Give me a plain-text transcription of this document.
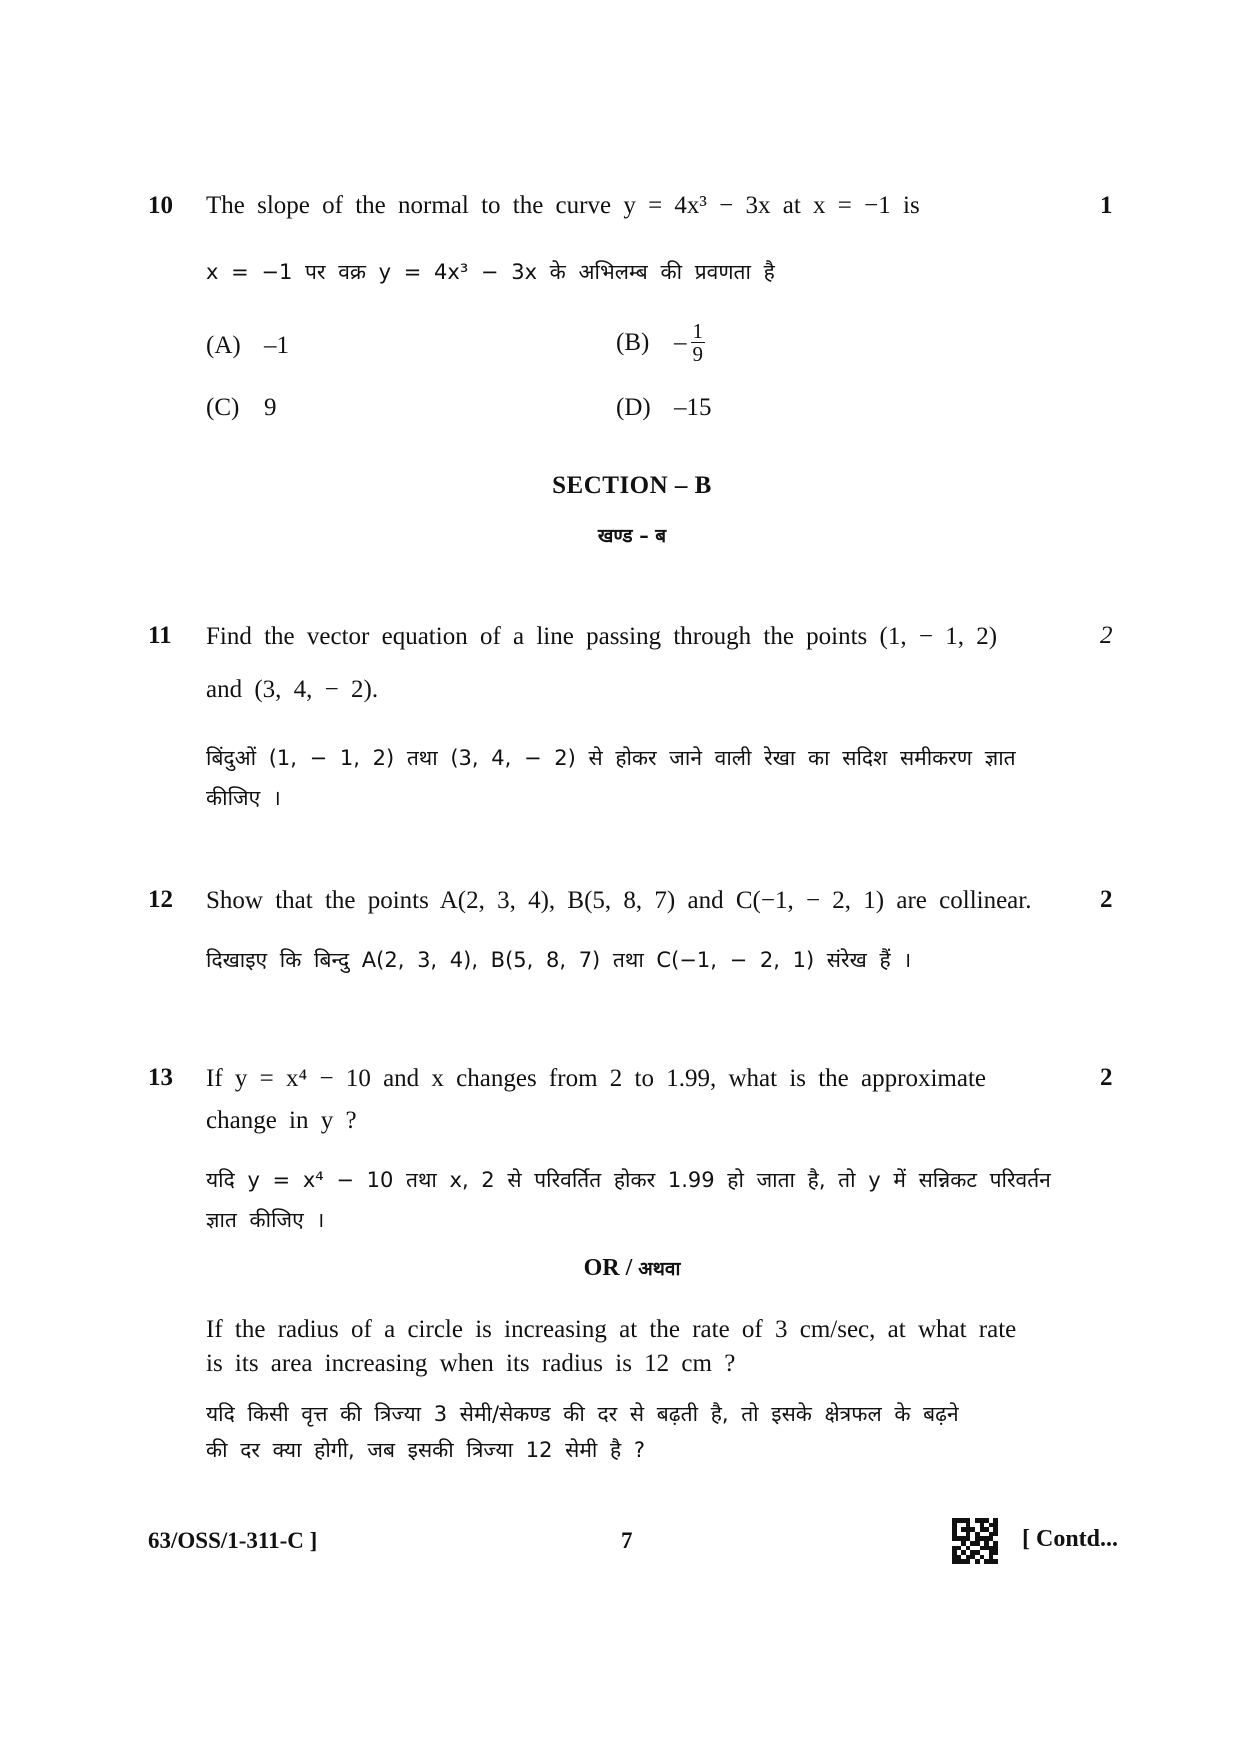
10 The slope of the normal to the curve y = 4x³ − 3x at x = −1 is	1
x = −1 पर वक्र y = 4x³ − 3x के अभिलम्ब की प्रवणता है
(A) –1	$(B) - \frac{1}{9}$
(C) 9	(D) –15
SECTION – B
खण्ड – ब
11 Find the vector equation of a line passing through the points (1, − 1, 2)	2
and (3, 4, − 2).
बिंदुओं (1, − 1, 2) तथा (3, 4, − 2) से होकर जाने वाली रेखा का सदिश समीकरण ज्ञात
कीजिए ।
12 Show that the points A(2, 3, 4), B(5, 8, 7) and C(−1, − 2, 1) are collinear.	2
दिखाइए कि बिन्दु A(2, 3, 4), B(5, 8, 7) तथा C(−1, − 2, 1) संरेख हैं ।
13 If y = x⁴ − 10 and x changes from 2 to 1.99, what is the approximate	2
change in y ?
यदि y = x⁴ − 10 तथा x, 2 से परिवर्तित होकर 1.99 हो जाता है, तो y में सन्निकट परिवर्तन
ज्ञात कीजिए ।
OR / अथवा
If the radius of a circle is increasing at the rate of 3 cm/sec, at what rate
is its area increasing when its radius is 12 cm ?
यदि किसी वृत्त की त्रिज्या 3 सेमी/सेकण्ड की दर से बढ़ती है, तो इसके क्षेत्रफल के बढ़ने
की दर क्या होगी, जब इसकी त्रिज्या 12 सेमी है ?
63/OSS/1-311-C ]	7	[ Contd...
